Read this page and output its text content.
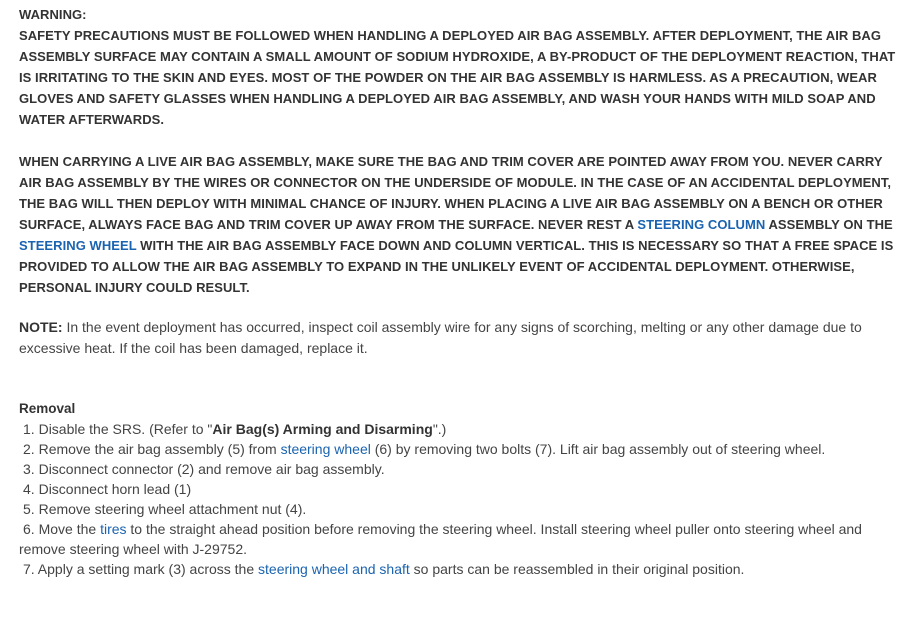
WARNING:

SAFETY PRECAUTIONS MUST BE FOLLOWED WHEN HANDLING A DEPLOYED AIR BAG ASSEMBLY. AFTER DEPLOYMENT, THE AIR BAG ASSEMBLY SURFACE MAY CONTAIN A SMALL AMOUNT OF SODIUM HYDROXIDE, A BY-PRODUCT OF THE DEPLOYMENT REACTION, THAT IS IRRITATING TO THE SKIN AND EYES. MOST OF THE POWDER ON THE AIR BAG ASSEMBLY IS HARMLESS. AS A PRECAUTION, WEAR GLOVES AND SAFETY GLASSES WHEN HANDLING A DEPLOYED AIR BAG ASSEMBLY, AND WASH YOUR HANDS WITH MILD SOAP AND WATER AFTERWARDS.

WHEN CARRYING A LIVE AIR BAG ASSEMBLY, MAKE SURE THE BAG AND TRIM COVER ARE POINTED AWAY FROM YOU. NEVER CARRY AIR BAG ASSEMBLY BY THE WIRES OR CONNECTOR ON THE UNDERSIDE OF MODULE. IN THE CASE OF AN ACCIDENTAL DEPLOYMENT, THE BAG WILL THEN DEPLOY WITH MINIMAL CHANCE OF INJURY. WHEN PLACING A LIVE AIR BAG ASSEMBLY ON A BENCH OR OTHER SURFACE, ALWAYS FACE BAG AND TRIM COVER UP AWAY FROM THE SURFACE. NEVER REST A STEERING COLUMN ASSEMBLY ON THE STEERING WHEEL WITH THE AIR BAG ASSEMBLY FACE DOWN AND COLUMN VERTICAL. THIS IS NECESSARY SO THAT A FREE SPACE IS PROVIDED TO ALLOW THE AIR BAG ASSEMBLY TO EXPAND IN THE UNLIKELY EVENT OF ACCIDENTAL DEPLOYMENT. OTHERWISE, PERSONAL INJURY COULD RESULT.

NOTE: In the event deployment has occurred, inspect coil assembly wire for any signs of scorching, melting or any other damage due to excessive heat. If the coil has been damaged, replace it.

Removal

1. Disable the SRS. (Refer to "Air Bag(s) Arming and Disarming".)
2. Remove the air bag assembly (5) from steering wheel (6) by removing two bolts (7). Lift air bag assembly out of steering wheel.
3. Disconnect connector (2) and remove air bag assembly.
4. Disconnect horn lead (1)
5. Remove steering wheel attachment nut (4).
6. Move the tires to the straight ahead position before removing the steering wheel. Install steering wheel puller onto steering wheel and remove steering wheel with J-29752.
7. Apply a setting mark (3) across the steering wheel and shaft so parts can be reassembled in their original position.
